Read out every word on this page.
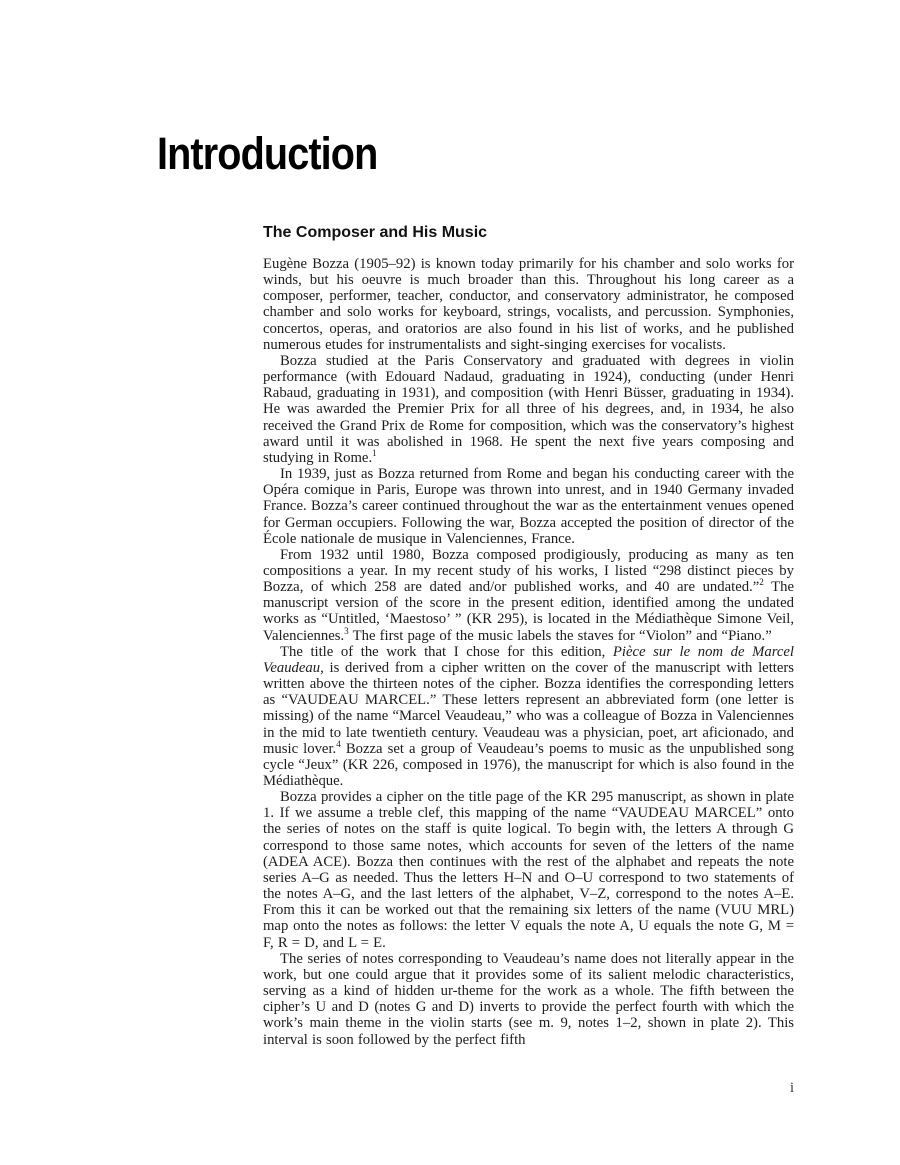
Introduction
The Composer and His Music

Eugène Bozza (1905–92) is known today primarily for his chamber and solo works for winds, but his oeuvre is much broader than this. Throughout his long career as a composer, performer, teacher, conductor, and conservatory administrator, he composed chamber and solo works for keyboard, strings, vocalists, and percussion. Symphonies, concertos, operas, and oratorios are also found in his list of works, and he published numerous etudes for instrumentalists and sight-singing exercises for vocalists.

Bozza studied at the Paris Conservatory and graduated with degrees in violin performance (with Edouard Nadaud, graduating in 1924), conducting (under Henri Rabaud, graduating in 1931), and composition (with Henri Büsser, graduating in 1934). He was awarded the Premier Prix for all three of his degrees, and, in 1934, he also received the Grand Prix de Rome for composition, which was the conservatory’s highest award until it was abolished in 1968. He spent the next five years composing and studying in Rome.$^1$

In 1939, just as Bozza returned from Rome and began his conducting career with the Opéra comique in Paris, Europe was thrown into unrest, and in 1940 Germany invaded France. Bozza’s career continued throughout the war as the entertainment venues opened for German occupiers. Following the war, Bozza accepted the position of director of the École nationale de musique in Valenciennes, France.

From 1932 until 1980, Bozza composed prodigiously, producing as many as ten compositions a year. In my recent study of his works, I listed “298 distinct pieces by Bozza, of which 258 are dated and/or published works, and 40 are undated.”$^2$ The manuscript version of the score in the present edition, identified among the undated works as “Untitled, ‘Maestoso’ ” (KR 295), is located in the Médiathèque Simone Veil, Valenciennes.$^3$ The first page of the music labels the staves for “Violon” and “Piano.”

The title of the work that I chose for this edition, Pièce sur le nom de Marcel Veaudeau, is derived from a cipher written on the cover of the manuscript with letters written above the thirteen notes of the cipher. Bozza identifies the corresponding letters as “VAUDEAU MARCEL.” These letters represent an abbreviated form (one letter is missing) of the name “Marcel Veaudeau,” who was a colleague of Bozza in Valenciennes in the mid to late twentieth century. Veaudeau was a physician, poet, art aficionado, and music lover.$^4$ Bozza set a group of Veaudeau’s poems to music as the unpublished song cycle “Jeux” (KR 226, composed in 1976), the manuscript for which is also found in the Médiathèque.

Bozza provides a cipher on the title page of the KR 295 manuscript, as shown in plate 1. If we assume a treble clef, this mapping of the name “VAUDEAU MARCEL” onto the series of notes on the staff is quite logical. To begin with, the letters A through G correspond to those same notes, which accounts for seven of the letters of the name (ADEA ACE). Bozza then continues with the rest of the alphabet and repeats the note series A–G as needed. Thus the letters H–N and O–U correspond to two statements of the notes A–G, and the last letters of the alphabet, V–Z, correspond to the notes A–E. From this it can be worked out that the remaining six letters of the name (VUU MRL) map onto the notes as follows: the letter V equals the note A, U equals the note G, M = F, R = D, and L = E.

The series of notes corresponding to Veaudeau’s name does not literally appear in the work, but one could argue that it provides some of its salient melodic characteristics, serving as a kind of hidden ur-theme for the work as a whole. The fifth between the cipher’s U and D (notes G and D) inverts to provide the perfect fourth with which the work’s main theme in the violin starts (see m. 9, notes 1–2, shown in plate 2). This interval is soon followed by the perfect fifth

i
